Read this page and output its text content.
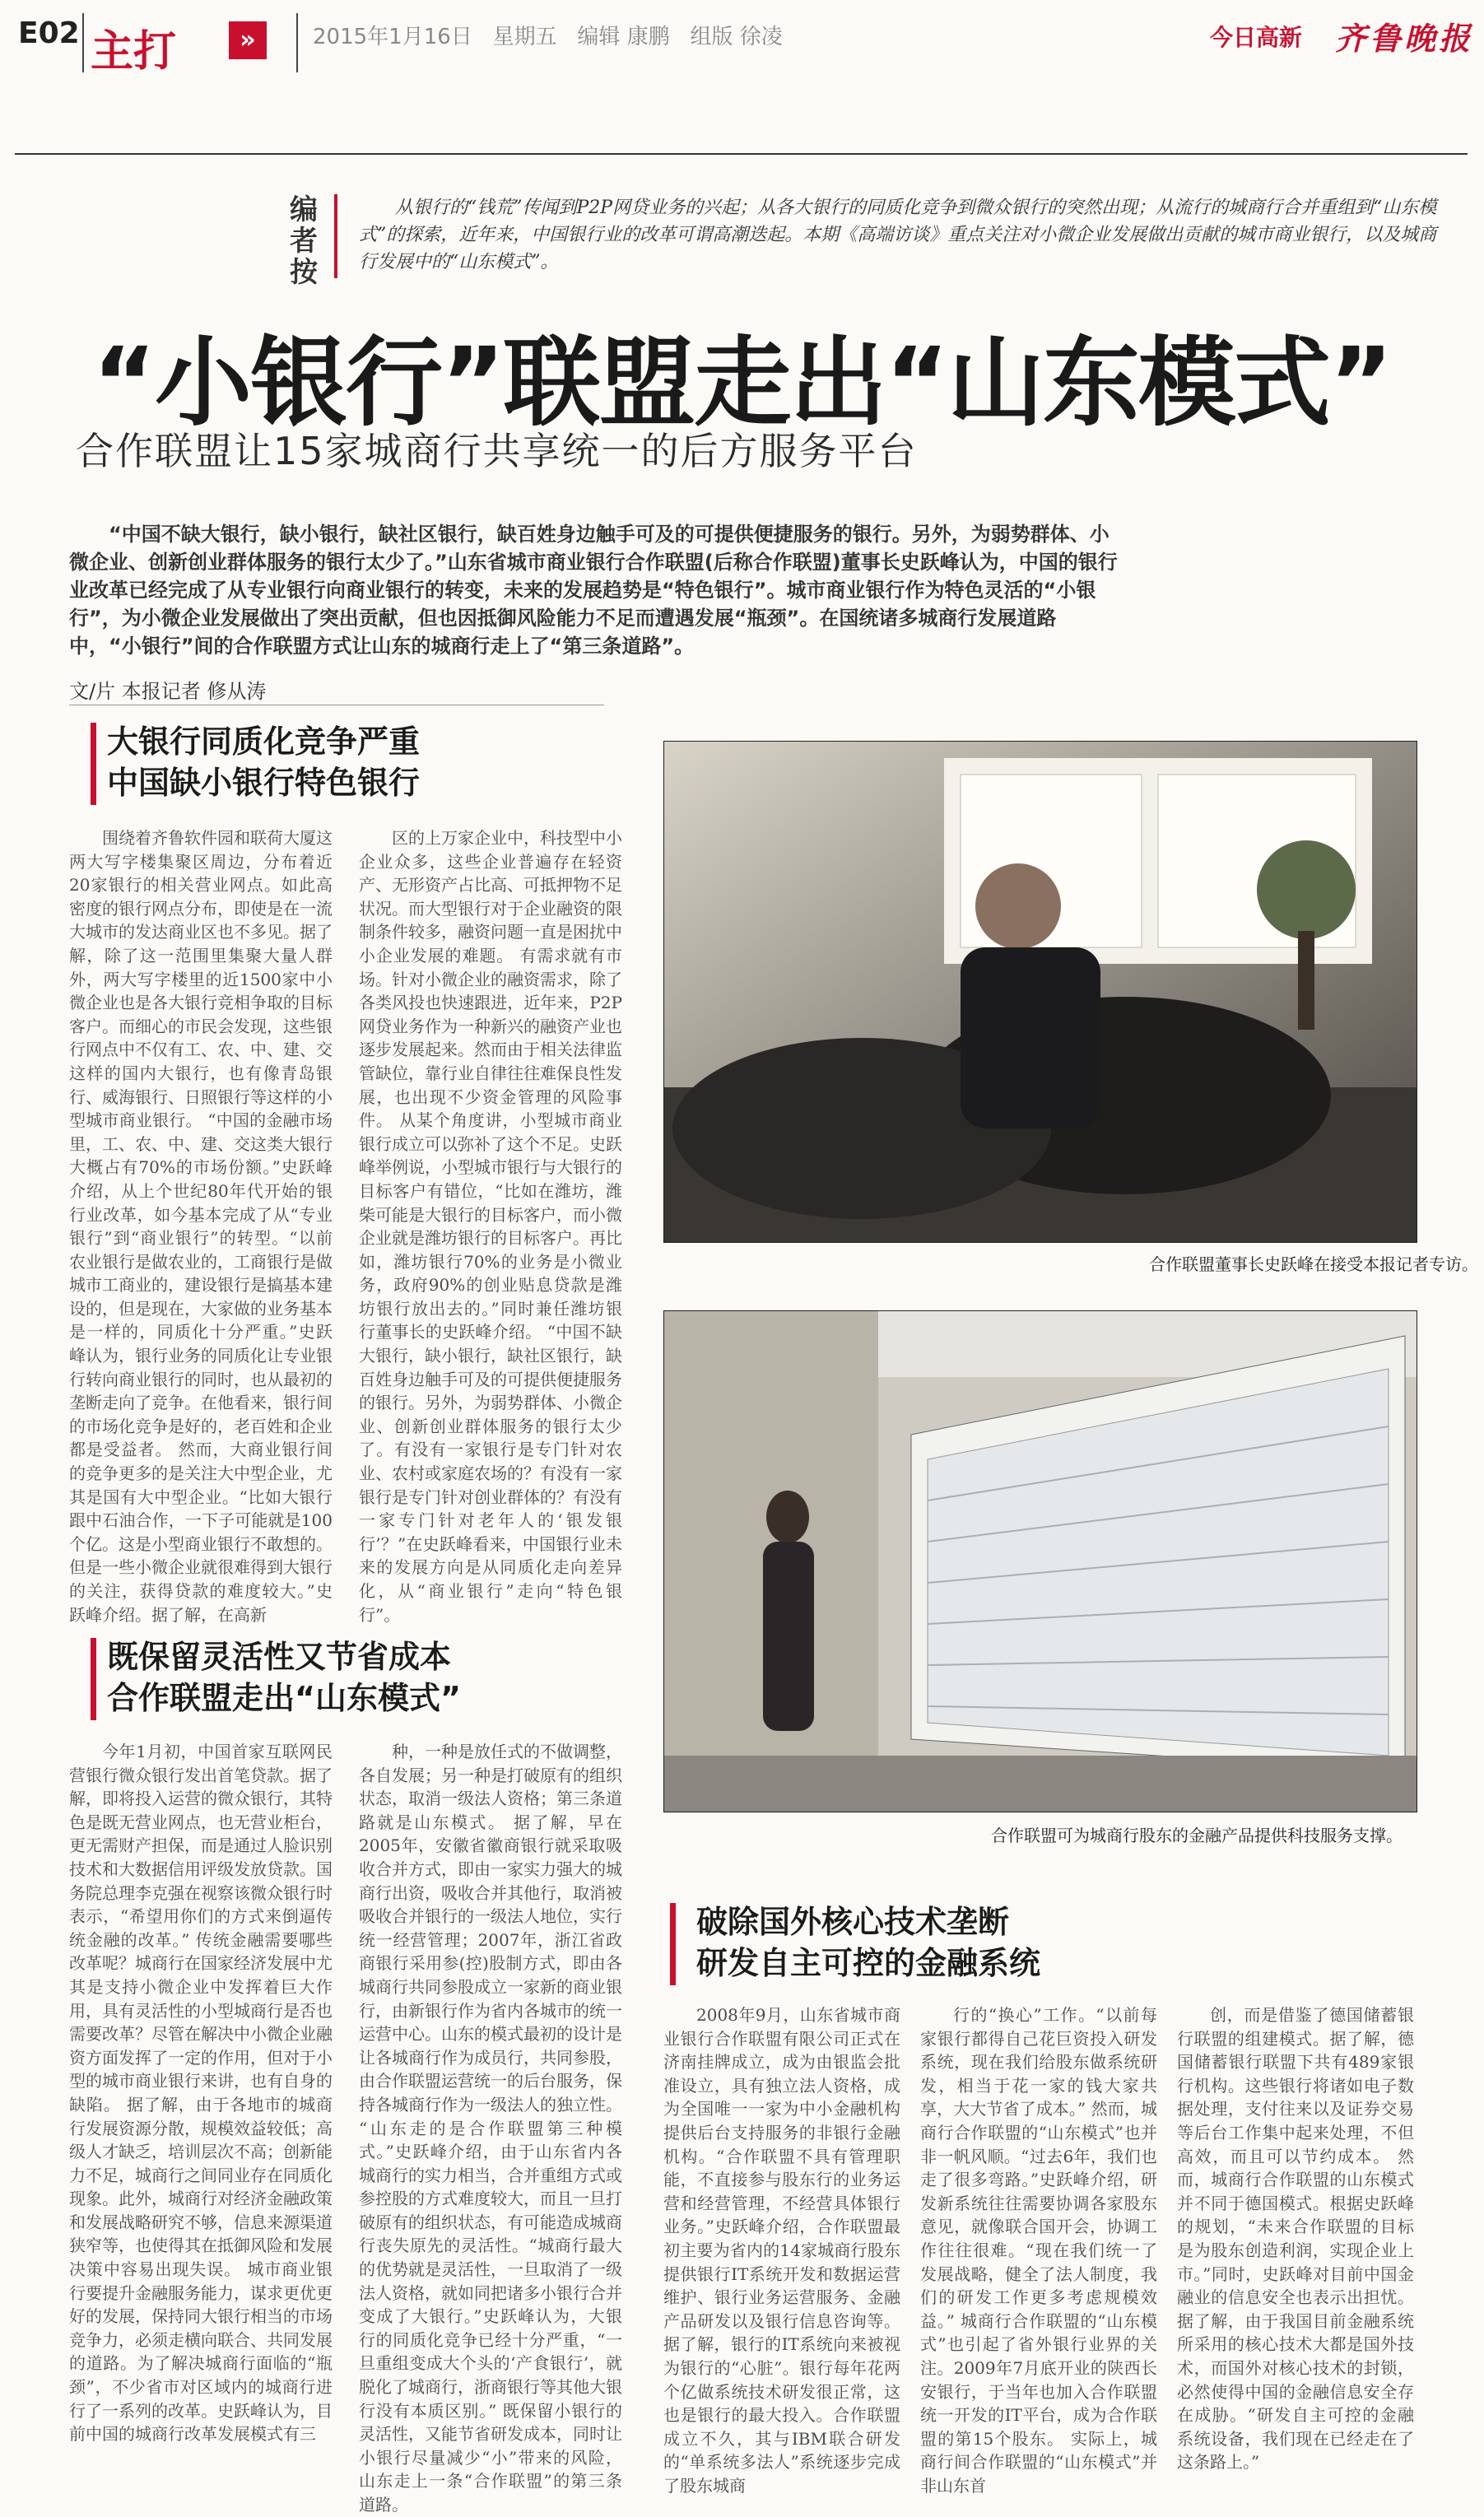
E02 主打	»	2015年1月16日   星期五   编辑 康鹏   组版 徐凌	今日高新 齐鲁晚报
编者按
从银行的“钱荒”传闻到P2P网贷业务的兴起；从各大银行的同质化竞争到微众银行的突然出现；从流行的城商行合并重组到“山东模式”的探索，近年来，中国银行业的改革可谓高潮迭起。本期《高端访谈》重点关注对小微企业发展做出贡献的城市商业银行，以及城商行发展中的“山东模式”。
“小银行”联盟走出“山东模式”
合作联盟让15家城商行共享统一的后方服务平台
“中国不缺大银行，缺小银行，缺社区银行，缺百姓身边触手可及的可提供便捷服务的银行。另外，为弱势群体、小微企业、创新创业群体服务的银行太少了。”山东省城市商业银行合作联盟(后称合作联盟)董事长史跃峰认为，中国的银行业改革已经完成了从专业银行向商业银行的转变，未来的发展趋势是“特色银行”。城市商业银行作为特色灵活的“小银行”，为小微企业发展做出了突出贡献，但也因抵御风险能力不足而遭遇发展“瓶颈”。在国统诸多城商行发展道路中，“小银行”间的合作联盟方式让山东的城商行走上了“第三条道路”。
文/片 本报记者 修从涛
大银行同质化竞争严重
中国缺小银行特色银行

围绕着齐鲁软件园和联荷大厦这两大写字楼集聚区周边，分布着近20家银行的相关营业网点。如此高密度的银行网点分布，即使是在一流大城市的发达商业区也不多见。据了解，除了这一范围里集聚大量人群外，两大写字楼里的近1500家中小微企业也是各大银行竞相争取的目标客户。而细心的市民会发现，这些银行网点中不仅有工、农、中、建、交这样的国内大银行，也有像青岛银行、威海银行、日照银行等这样的小型城市商业银行。 “中国的金融市场里，工、农、中、建、交这类大银行大概占有70%的市场份额。”史跃峰介绍，从上个世纪80年代开始的银行业改革，如今基本完成了从“专业银行”到“商业银行”的转型。“以前农业银行是做农业的，工商银行是做城市工商业的，建设银行是搞基本建设的，但是现在，大家做的业务基本是一样的，同质化十分严重。”史跃峰认为，银行业务的同质化让专业银行转向商业银行的同时，也从最初的垄断走向了竞争。在他看来，银行间的市场化竞争是好的，老百姓和企业都是受益者。 然而，大商业银行间的竞争更多的是关注大中型企业，尤其是国有大中型企业。“比如大银行跟中石油合作，一下子可能就是100个亿。这是小型商业银行不敢想的。但是一些小微企业就很难得到大银行的关注，获得贷款的难度较大。”史跃峰介绍。据了解，在高新

区的上万家企业中，科技型中小企业众多，这些企业普遍存在轻资产、无形资产占比高、可抵押物不足状况。而大型银行对于企业融资的限制条件较多，融资问题一直是困扰中小企业发展的难题。 有需求就有市场。针对小微企业的融资需求，除了各类风投也快速跟进，近年来，P2P网贷业务作为一种新兴的融资产业也逐步发展起来。然而由于相关法律监管缺位，靠行业自律往往难保良性发展，也出现不少资金管理的风险事件。 从某个角度讲，小型城市商业银行成立可以弥补了这个不足。史跃峰举例说，小型城市银行与大银行的目标客户有错位，“比如在潍坊，潍柴可能是大银行的目标客户，而小微企业就是潍坊银行的目标客户。再比如，潍坊银行70%的业务是小微业务，政府90%的创业贴息贷款是潍坊银行放出去的。”同时兼任潍坊银行董事长的史跃峰介绍。 “中国不缺大银行，缺小银行，缺社区银行，缺百姓身边触手可及的可提供便捷服务的银行。另外，为弱势群体、小微企业、创新创业群体服务的银行太少了。有没有一家银行是专门针对农业、农村或家庭农场的？有没有一家银行是专门针对创业群体的？有没有一家专门针对老年人的‘银发银行’？”在史跃峰看来，中国银行业未来的发展方向是从同质化走向差异化，从“商业银行”走向“特色银行”。

既保留灵活性又节省成本
合作联盟走出“山东模式”

今年1月初，中国首家互联网民营银行微众银行发出首笔贷款。据了解，即将投入运营的微众银行，其特色是既无营业网点，也无营业柜台，更无需财产担保，而是通过人脸识别技术和大数据信用评级发放贷款。国务院总理李克强在视察该微众银行时表示，“希望用你们的方式来倒逼传统金融的改革。” 传统金融需要哪些改革呢？城商行在国家经济发展中尤其是支持小微企业中发挥着巨大作用，具有灵活性的小型城商行是否也需要改革？尽管在解决中小微企业融资方面发挥了一定的作用，但对于小型的城市商业银行来讲，也有自身的缺陷。 据了解，由于各地市的城商行发展资源分散，规模效益较低；高级人才缺乏，培训层次不高；创新能力不足，城商行之间同业存在同质化现象。此外，城商行对经济金融政策和发展战略研究不够，信息来源渠道狭窄等，也使得其在抵御风险和发展决策中容易出现失误。 城市商业银行要提升金融服务能力，谋求更优更好的发展，保持同大银行相当的市场竞争力，必须走横向联合、共同发展的道路。为了解决城商行面临的“瓶颈”，不少省市对区域内的城商行进行了一系列的改革。史跃峰认为，目前中国的城商行改革发展模式有三

种，一种是放任式的不做调整，各自发展；另一种是打破原有的组织状态，取消一级法人资格；第三条道路就是山东模式。 据了解，早在2005年，安徽省徽商银行就采取吸收合并方式，即由一家实力强大的城商行出资，吸收合并其他行，取消被吸收合并银行的一级法人地位，实行统一经营管理；2007年，浙江省政商银行采用参(控)股制方式，即由各城商行共同参股成立一家新的商业银行，由新银行作为省内各城市的统一运营中心。山东的模式最初的设计是让各城商行作为成员行，共同参股，由合作联盟运营统一的后台服务，保持各城商行作为一级法人的独立性。 “山东走的是合作联盟第三种模式。”史跃峰介绍，由于山东省内各城商行的实力相当，合并重组方式或参控股的方式难度较大，而且一旦打破原有的组织状态，有可能造成城商行丧失原先的灵活性。“城商行最大的优势就是灵活性，一旦取消了一级法人资格，就如同把诸多小银行合并变成了大银行。”史跃峰认为，大银行的同质化竞争已经十分严重，“一旦重组变成大个头的‘产食银行’，就脱化了城商行，浙商银行等其他大银行没有本质区别。” 既保留小银行的灵活性，又能节省研发成本，同时让小银行尽量减少“小”带来的风险，山东走上一条“合作联盟”的第三条道路。

合作联盟董事长史跃峰在接受本报记者专访。
合作联盟可为城商行股东的金融产品提供科技服务支撑。
破除国外核心技术垄断
研发自主可控的金融系统

2008年9月，山东省城市商业银行合作联盟有限公司正式在济南挂牌成立，成为由银监会批准设立，具有独立法人资格，成为全国唯一一家为中小金融机构提供后台支持服务的非银行金融机构。“合作联盟不具有管理职能，不直接参与股东行的业务运营和经营管理，不经营具体银行业务。”史跃峰介绍，合作联盟最初主要为省内的14家城商行股东提供银行IT系统开发和数据运营维护、银行业务运营服务、金融产品研发以及银行信息咨询等。 据了解，银行的IT系统向来被视为银行的“心脏”。银行每年花两个亿做系统技术研发很正常，这也是银行的最大投入。合作联盟成立不久，其与IBM联合研发的“单系统多法人”系统逐步完成了股东城商

行的“换心”工作。“以前每家银行都得自己花巨资投入研发系统，现在我们给股东做系统研发，相当于花一家的钱大家共享，大大节省了成本。” 然而，城商行合作联盟的“山东模式”也并非一帆风顺。“过去6年，我们也走了很多弯路。”史跃峰介绍，研发新系统往往需要协调各家股东意见，就像联合国开会，协调工作往往很难。“现在我们统一了发展战略，健全了法人制度，我们的研发工作更多考虑规模效益。” 城商行合作联盟的“山东模式”也引起了省外银行业界的关注。2009年7月底开业的陕西长安银行，于当年也加入合作联盟统一开发的IT平台，成为合作联盟的第15个股东。 实际上，城商行间合作联盟的“山东模式”并非山东首

创，而是借鉴了德国储蓄银行联盟的组建模式。据了解，德国储蓄银行联盟下共有489家银行机构。这些银行将诸如电子数据处理，支付往来以及证券交易等后台工作集中起来处理，不但高效，而且可以节约成本。 然而，城商行合作联盟的山东模式并不同于德国模式。根据史跃峰的规划，“未来合作联盟的目标是为股东创造利润，实现企业上市。”同时，史跃峰对目前中国金融业的信息安全也表示出担忧。据了解，由于我国目前金融系统所采用的核心技术大都是国外技术，而国外对核心技术的封锁，必然使得中国的金融信息安全存在成胁。“研发自主可控的金融系统设备，我们现在已经走在了这条路上。”
